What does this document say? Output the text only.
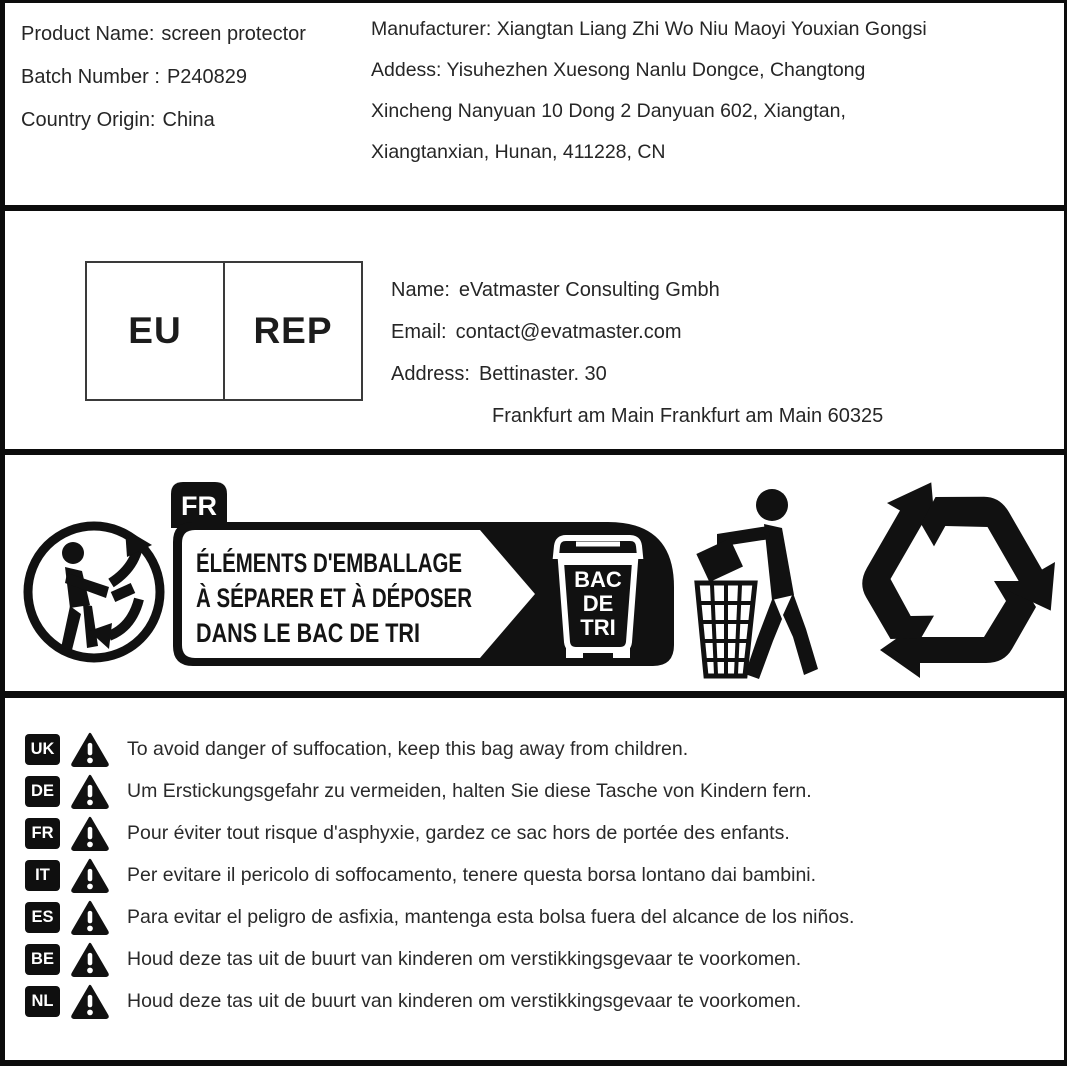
Product Name: screen protector
Batch Number : P240829
Country Origin: China
Manufacturer: Xiangtan Liang Zhi Wo Niu Maoyi Youxian Gongsi
Addess: Yisuhezhen Xuesong Nanlu Dongce, Changtong
Xincheng Nanyuan 10 Dong 2 Danyuan 602, Xiangtan,
Xiangtanxian, Hunan, 411228, CN
EU	REP
Name: eVatmaster Consulting Gmbh
Email: contact@evatmaster.com
Address: Bettinaster. 30
Frankfurt am Main Frankfurt am Main 60325
FR
ÉLÉMENTS D'EMBALLAGE
À SÉPARER ET À DÉPOSER
DANS LE BAC DE TRI
BAC
DE
TRI
UK	To avoid danger of suffocation, keep this bag away from children.
DE	Um Erstickungsgefahr zu vermeiden, halten Sie diese Tasche von Kindern fern.
FR	Pour éviter tout risque d'asphyxie, gardez ce sac hors de portée des enfants.
IT	Per evitare il pericolo di soffocamento, tenere questa borsa lontano dai bambini.
ES	Para evitar el peligro de asfixia, mantenga esta bolsa fuera del alcance de los niños.
BE	Houd deze tas uit de buurt van kinderen om verstikkingsgevaar te voorkomen.
NL	Houd deze tas uit de buurt van kinderen om verstikkingsgevaar te voorkomen.
